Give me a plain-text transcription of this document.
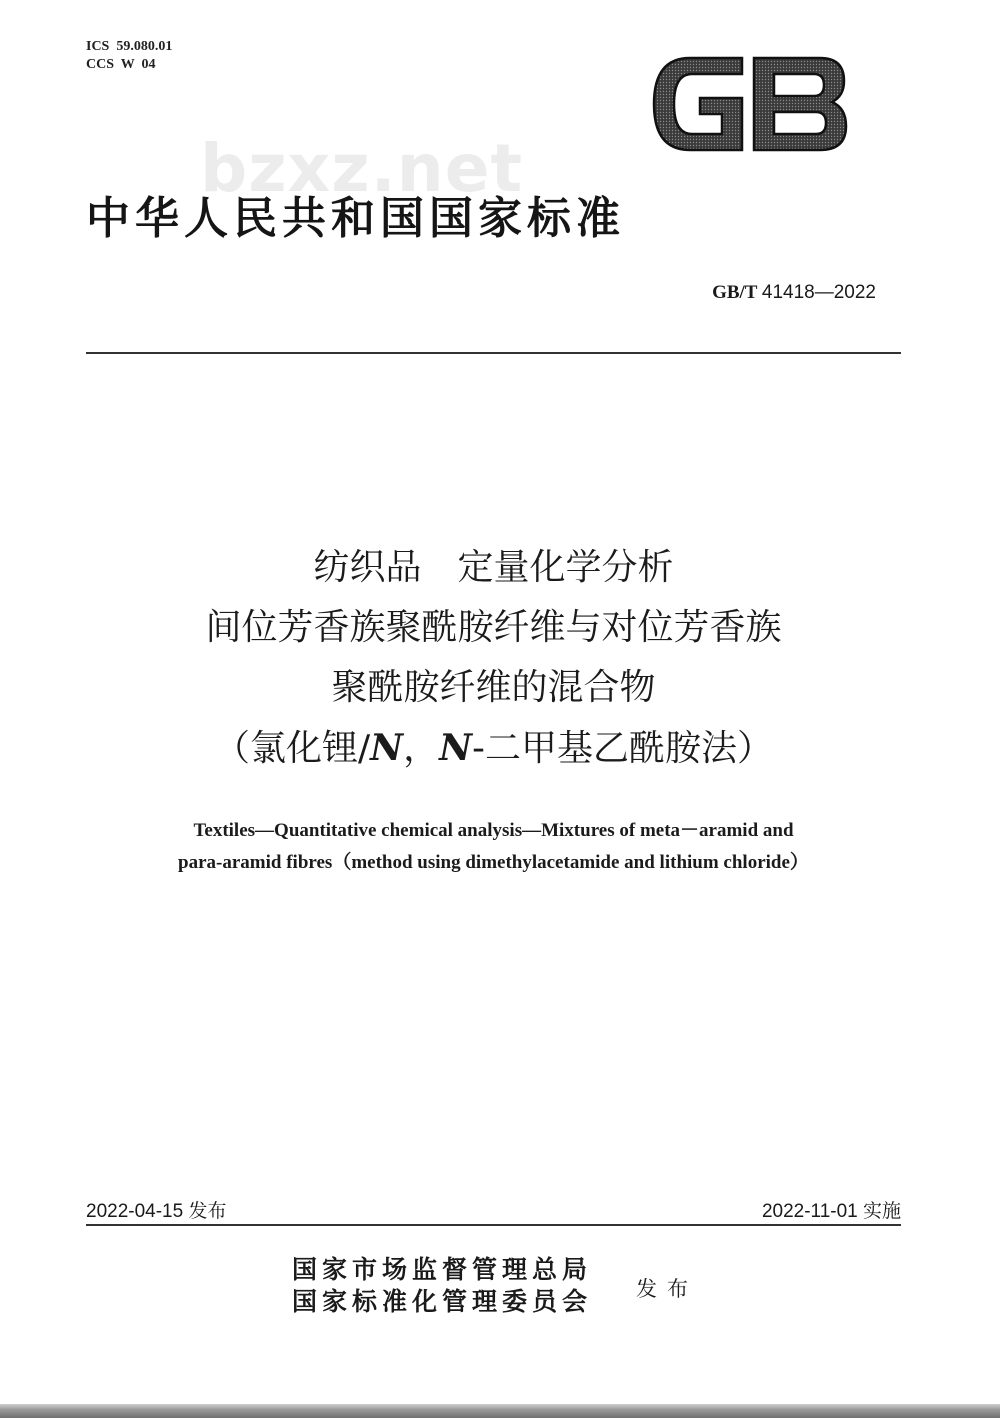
ICS  59.080.01
CCS  W  04
bzxz.net
中华人民共和国国家标准
GB/T 41418—2022
纺织品　定量化学分析
间位芳香族聚酰胺纤维与对位芳香族
聚酰胺纤维的混合物
（氯化锂/N，N-二甲基乙酰胺法）
Textiles—Quantitative chemical analysis—Mixtures of meta－aramid and
para-aramid fibres（method using dimethylacetamide and lithium chloride）
2022-04-15 发布	2022-11-01 实施
国家市场监督管理总局
国家标准化管理委员会 发布
